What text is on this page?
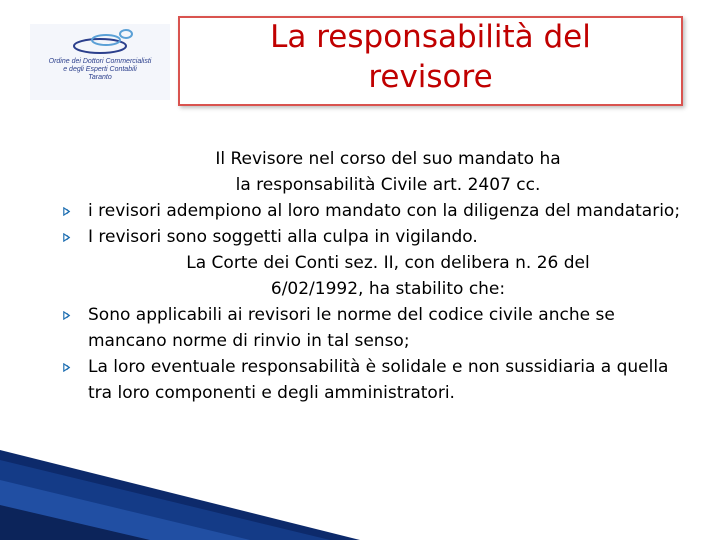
Ordine dei Dottori Commercialisti
e degli Esperti Contabili
Taranto
La responsabilità del
revisore

Il Revisore nel corso del suo mandato ha

la responsabilità Civile art. 2407 cc.

i revisori adempiono al loro mandato con la diligenza del mandatario;
I revisori sono soggetti alla culpa in vigilando.

La Corte dei Conti sez. II, con delibera n. 26 del

6/02/1992, ha stabilito che:

Sono applicabili ai revisori le norme del codice civile anche se mancano norme di rinvio in tal senso;
La loro eventuale responsabilità è solidale e non sussidiaria a quella tra loro componenti e degli amministratori.
